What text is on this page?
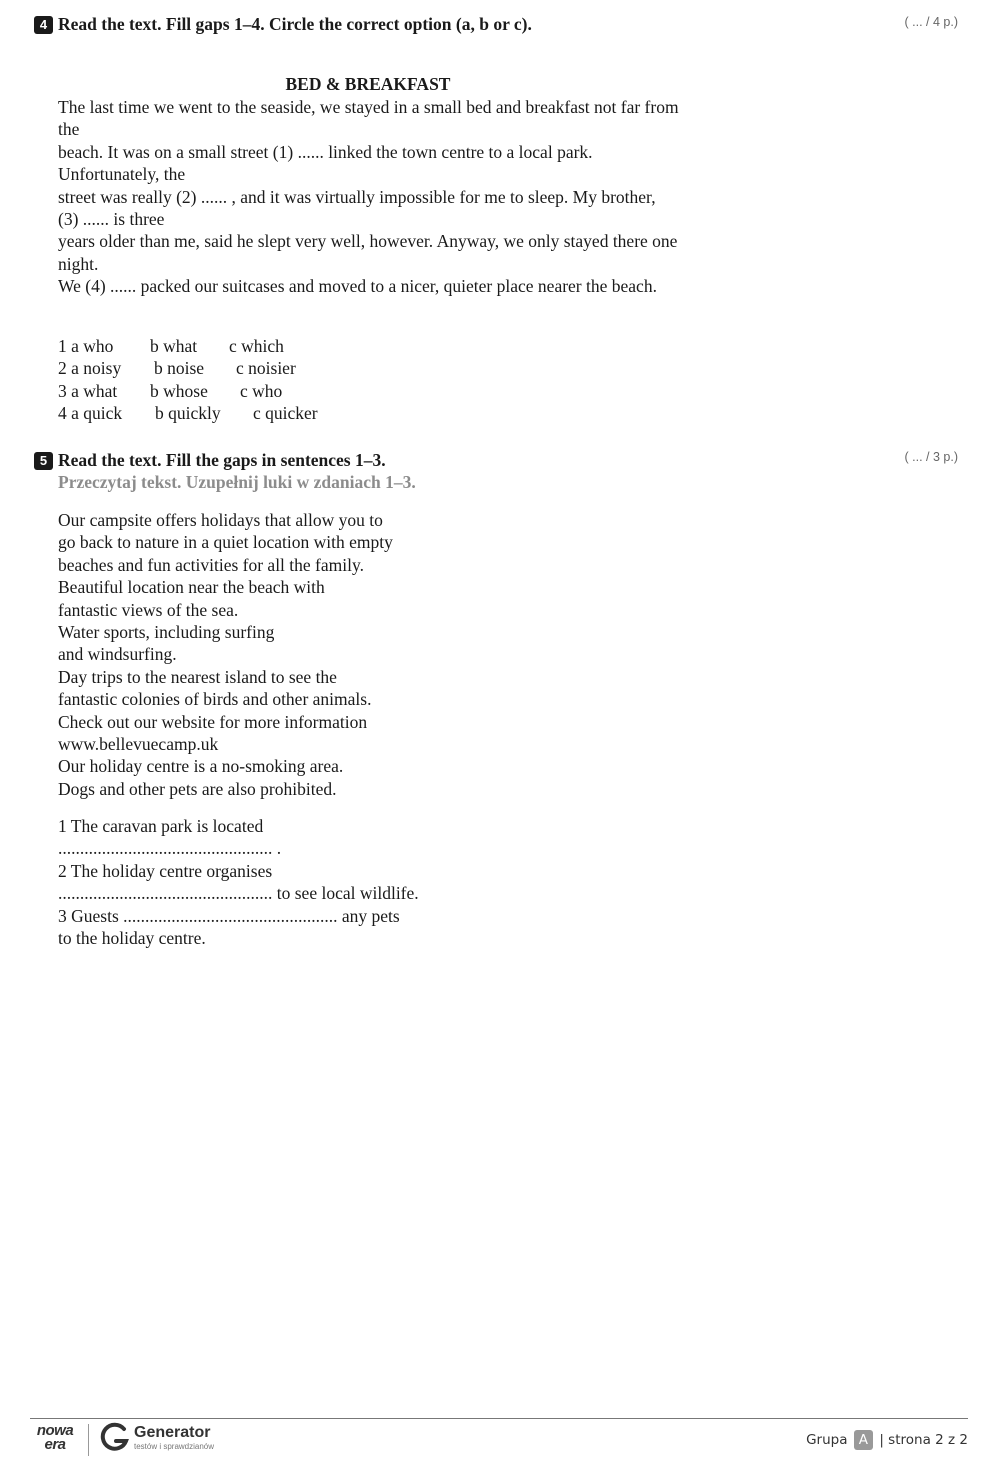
4 Read the text. Fill gaps 1–4. Circle the correct option (a, b or c).	( ... / 4 p.)
BED & BREAKFAST
The last time we went to the seaside, we stayed in a small bed and breakfast not far from
the
beach. It was on a small street (1) ...... linked the town centre to a local park.
Unfortunately, the
street was really (2) ...... , and it was virtually impossible for me to sleep. My brother,
(3) ...... is three
years older than me, said he slept very well, however. Anyway, we only stayed there one
night.
We (4) ...... packed our suitcases and moved to a nicer, quieter place nearer the beach.
1 a who b what c which
2 a noisy b noise c noisier
3 a what b whose c who
4 a quick b quickly c quicker
5 Read the text. Fill the gaps in sentences 1–3.	( ... / 3 p.)
Przeczytaj tekst. Uzupełnij luki w zdaniach 1–3.
Our campsite offers holidays that allow you to
go back to nature in a quiet location with empty
beaches and fun activities for all the family.
Beautiful location near the beach with
fantastic views of the sea.
Water sports, including surfing
and windsurfing.
Day trips to the nearest island to see the
fantastic colonies of birds and other animals.
Check out our website for more information
www.bellevuecamp.uk
Our holiday centre is a no-smoking area.
Dogs and other pets are also prohibited.
1 The caravan park is located
................................................. .
2 The holiday centre organises
................................................. to see local wildlife.
3 Guests ................................................. any pets
to the holiday centre.
nowa
era
Generator
testów i sprawdzianów	Grupa A | strona 2 z 2
